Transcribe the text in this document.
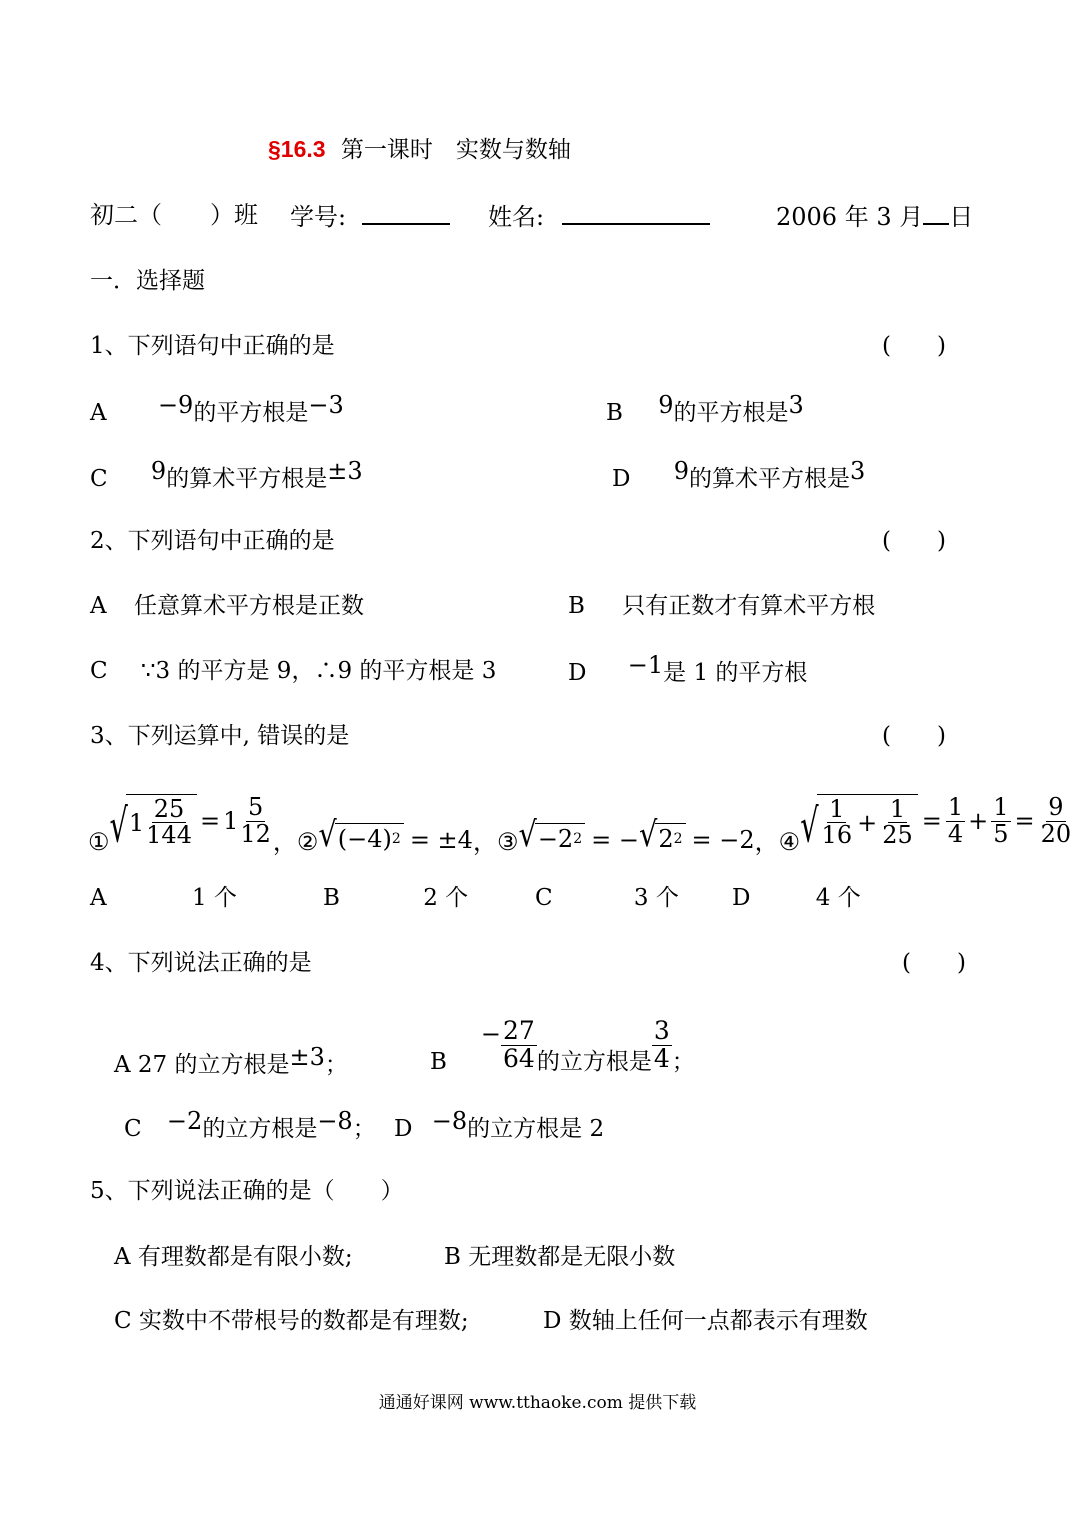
§16.3 第一课时　实数与数轴
初二（　　）班 学号:	姓名:	2006 年 3 月 日
一．选择题
1、下列语句中正确的是	(　　)
A −9的平方根是−3	B 9的平方根是3
C 9的算术平方根是±3	D 9的算术平方根是3
2、下列语句中正确的是	(　　)
A 任意算术平方根是正数	B 只有正数才有算术平方根
C ∵3 的平方是 9，∴9 的平方根是 3	D −1是 1 的平方根
3、下列运算中, 错误的是	(　　)
① √ $1 \frac{25}{144} = 1 \frac{5}{12}$ ， ② √ (−4) 2 = ±4 ， ③ √ −2 2 = − √ 2 2 = −2 ， ④ √ $\frac{1}{16} + \frac{1}{25} = \frac{1}{4} + \frac{1}{5} = \frac{9}{20}$
A	1 个	B	2 个	C	3 个 D	4 个
4、下列说法正确的是	(　　)
A 27 的立方根是±3；	B
− $\frac{27}{64}$ 的立方根是 $\frac{3}{4}$ ；
C −2的立方根是−8； D −8的立方根是 2
5、下列说法正确的是（　　）
A 有理数都是有限小数;	B 无理数都是无限小数
C 实数中不带根号的数都是有理数;	D 数轴上任何一点都表示有理数
通通好课网 www.tthaoke.com 提供下载
